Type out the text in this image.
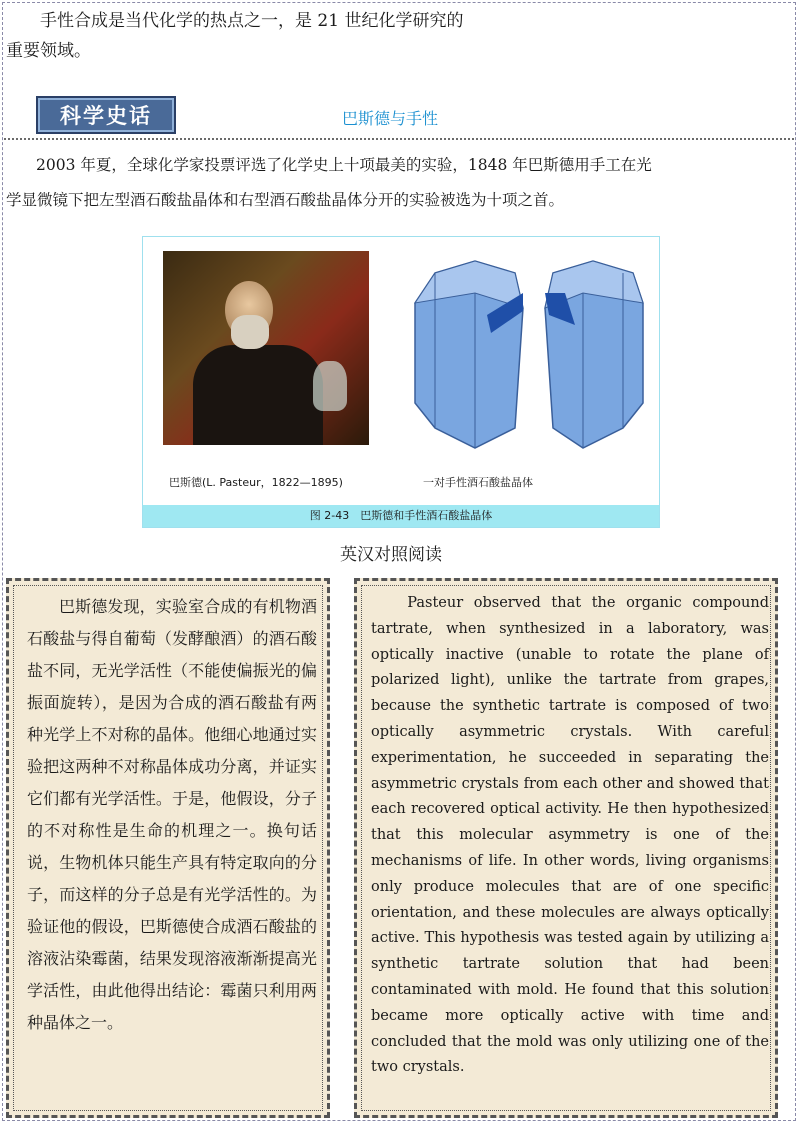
手性合成是当代化学的热点之一，是 21 世纪化学研究的
重要领域。
科学史话	巴斯德与手性
2003 年夏，全球化学家投票评选了化学史上十项最美的实验，1848 年巴斯德用手工在光
学显微镜下把左型酒石酸盐晶体和右型酒石酸盐晶体分开的实验被选为十项之首。
巴斯德(L. Pasteur，1822—1895)	一对手性酒石酸盐晶体
图 2-43　巴斯德和手性酒石酸盐晶体
英汉对照阅读
巴斯德发现，实验室合成的有机物酒石酸盐与得自葡萄（发酵酿酒）的酒石酸盐不同，无光学活性（不能使偏振光的偏振面旋转），是因为合成的酒石酸盐有两种光学上不对称的晶体。他细心地通过实验把这两种不对称晶体成功分离，并证实它们都有光学活性。于是，他假设，分子的不对称性是生命的机理之一。换句话说，生物机体只能生产具有特定取向的分子，而这样的分子总是有光学活性的。为验证他的假设，巴斯德使合成酒石酸盐的溶液沾染霉菌，结果发现溶液渐渐提高光学活性，由此他得出结论：霉菌只利用两种晶体之一。
Pasteur observed that the organic compound tartrate, when synthesized in a laboratory, was optically inactive (unable to rotate the plane of polarized light), unlike the tartrate from grapes, because the synthetic tartrate is composed of two optically asymmetric crystals. With careful experimentation, he succeeded in separating the asymmetric crystals from each other and showed that each recovered optical activity. He then hypothesized that this molecular asymmetry is one of the mechanisms of life. In other words, living organisms only produce molecules that are of one specific orientation, and these molecules are always optically active. This hypothesis was tested again by utilizing a synthetic tartrate solution that had been contaminated with mold. He found that this solution became more optically active with time and concluded that the mold was only utilizing one of the two crystals.
